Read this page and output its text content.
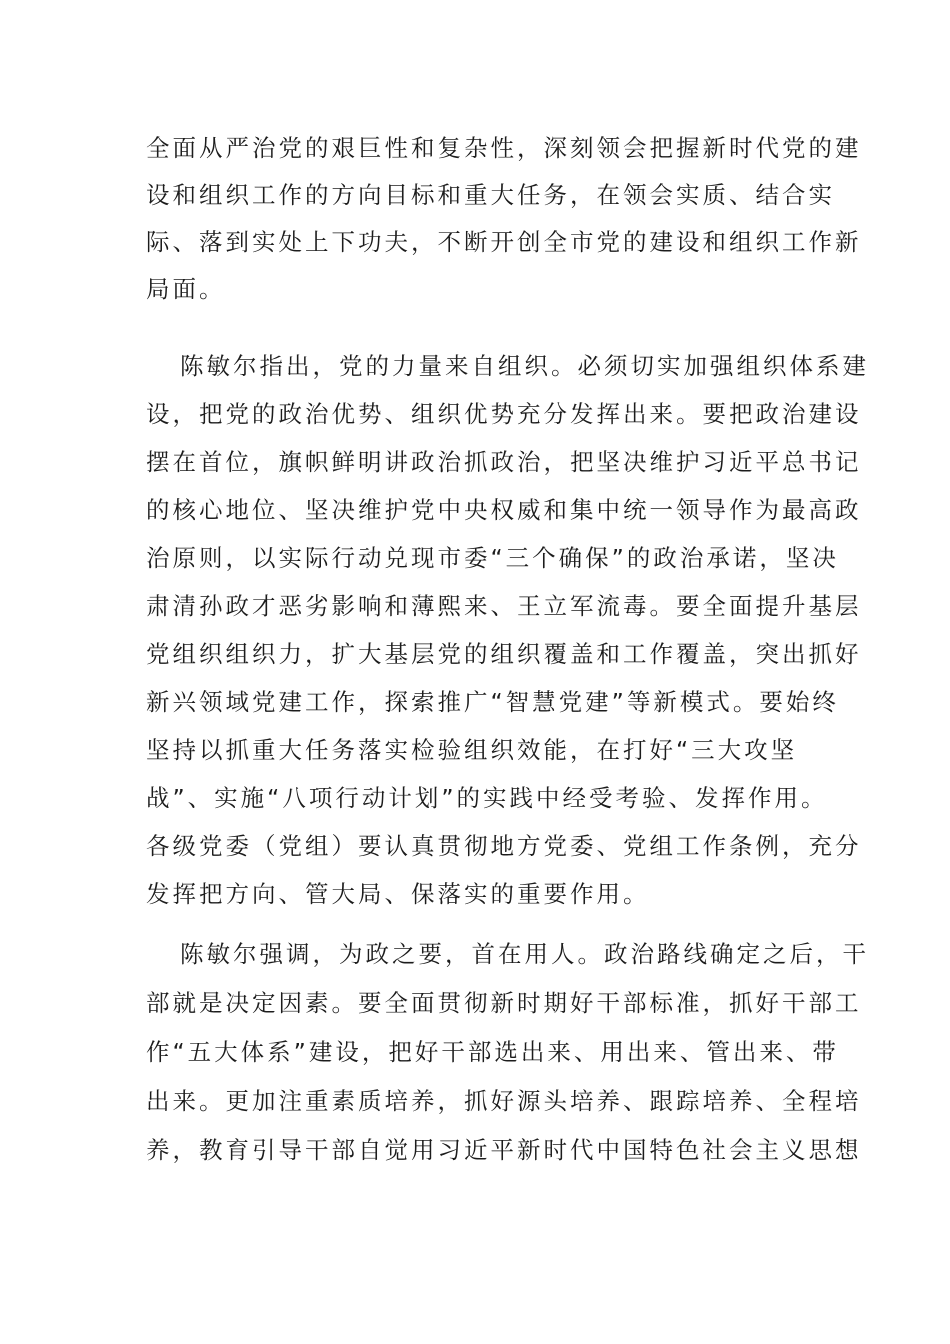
全面从严治党的艰巨性和复杂性，深刻领会把握新时代党的建
设和组织工作的方向目标和重大任务，在领会实质、结合实
际、落到实处上下功夫，不断开创全市党的建设和组织工作新
局面。
陈敏尔指出，党的力量来自组织。必须切实加强组织体系建
设，把党的政治优势、组织优势充分发挥出来。要把政治建设
摆在首位，旗帜鲜明讲政治抓政治，把坚决维护习近平总书记
的核心地位、坚决维护党中央权威和集中统一领导作为最高政
治原则，以实际行动兑现市委“三个确保”的政治承诺，坚决
肃清孙政才恶劣影响和薄熙来、王立军流毒。要全面提升基层
党组织组织力，扩大基层党的组织覆盖和工作覆盖，突出抓好
新兴领域党建工作，探索推广“智慧党建”等新模式。要始终
坚持以抓重大任务落实检验组织效能，在打好“三大攻坚
战”、实施“八项行动计划”的实践中经受考验、发挥作用。
各级党委（党组）要认真贯彻地方党委、党组工作条例，充分
发挥把方向、管大局、保落实的重要作用。
陈敏尔强调，为政之要，首在用人。政治路线确定之后，干
部就是决定因素。要全面贯彻新时期好干部标准，抓好干部工
作“五大体系”建设，把好干部选出来、用出来、管出来、带
出来。更加注重素质培养，抓好源头培养、跟踪培养、全程培
养，教育引导干部自觉用习近平新时代中国特色社会主义思想
